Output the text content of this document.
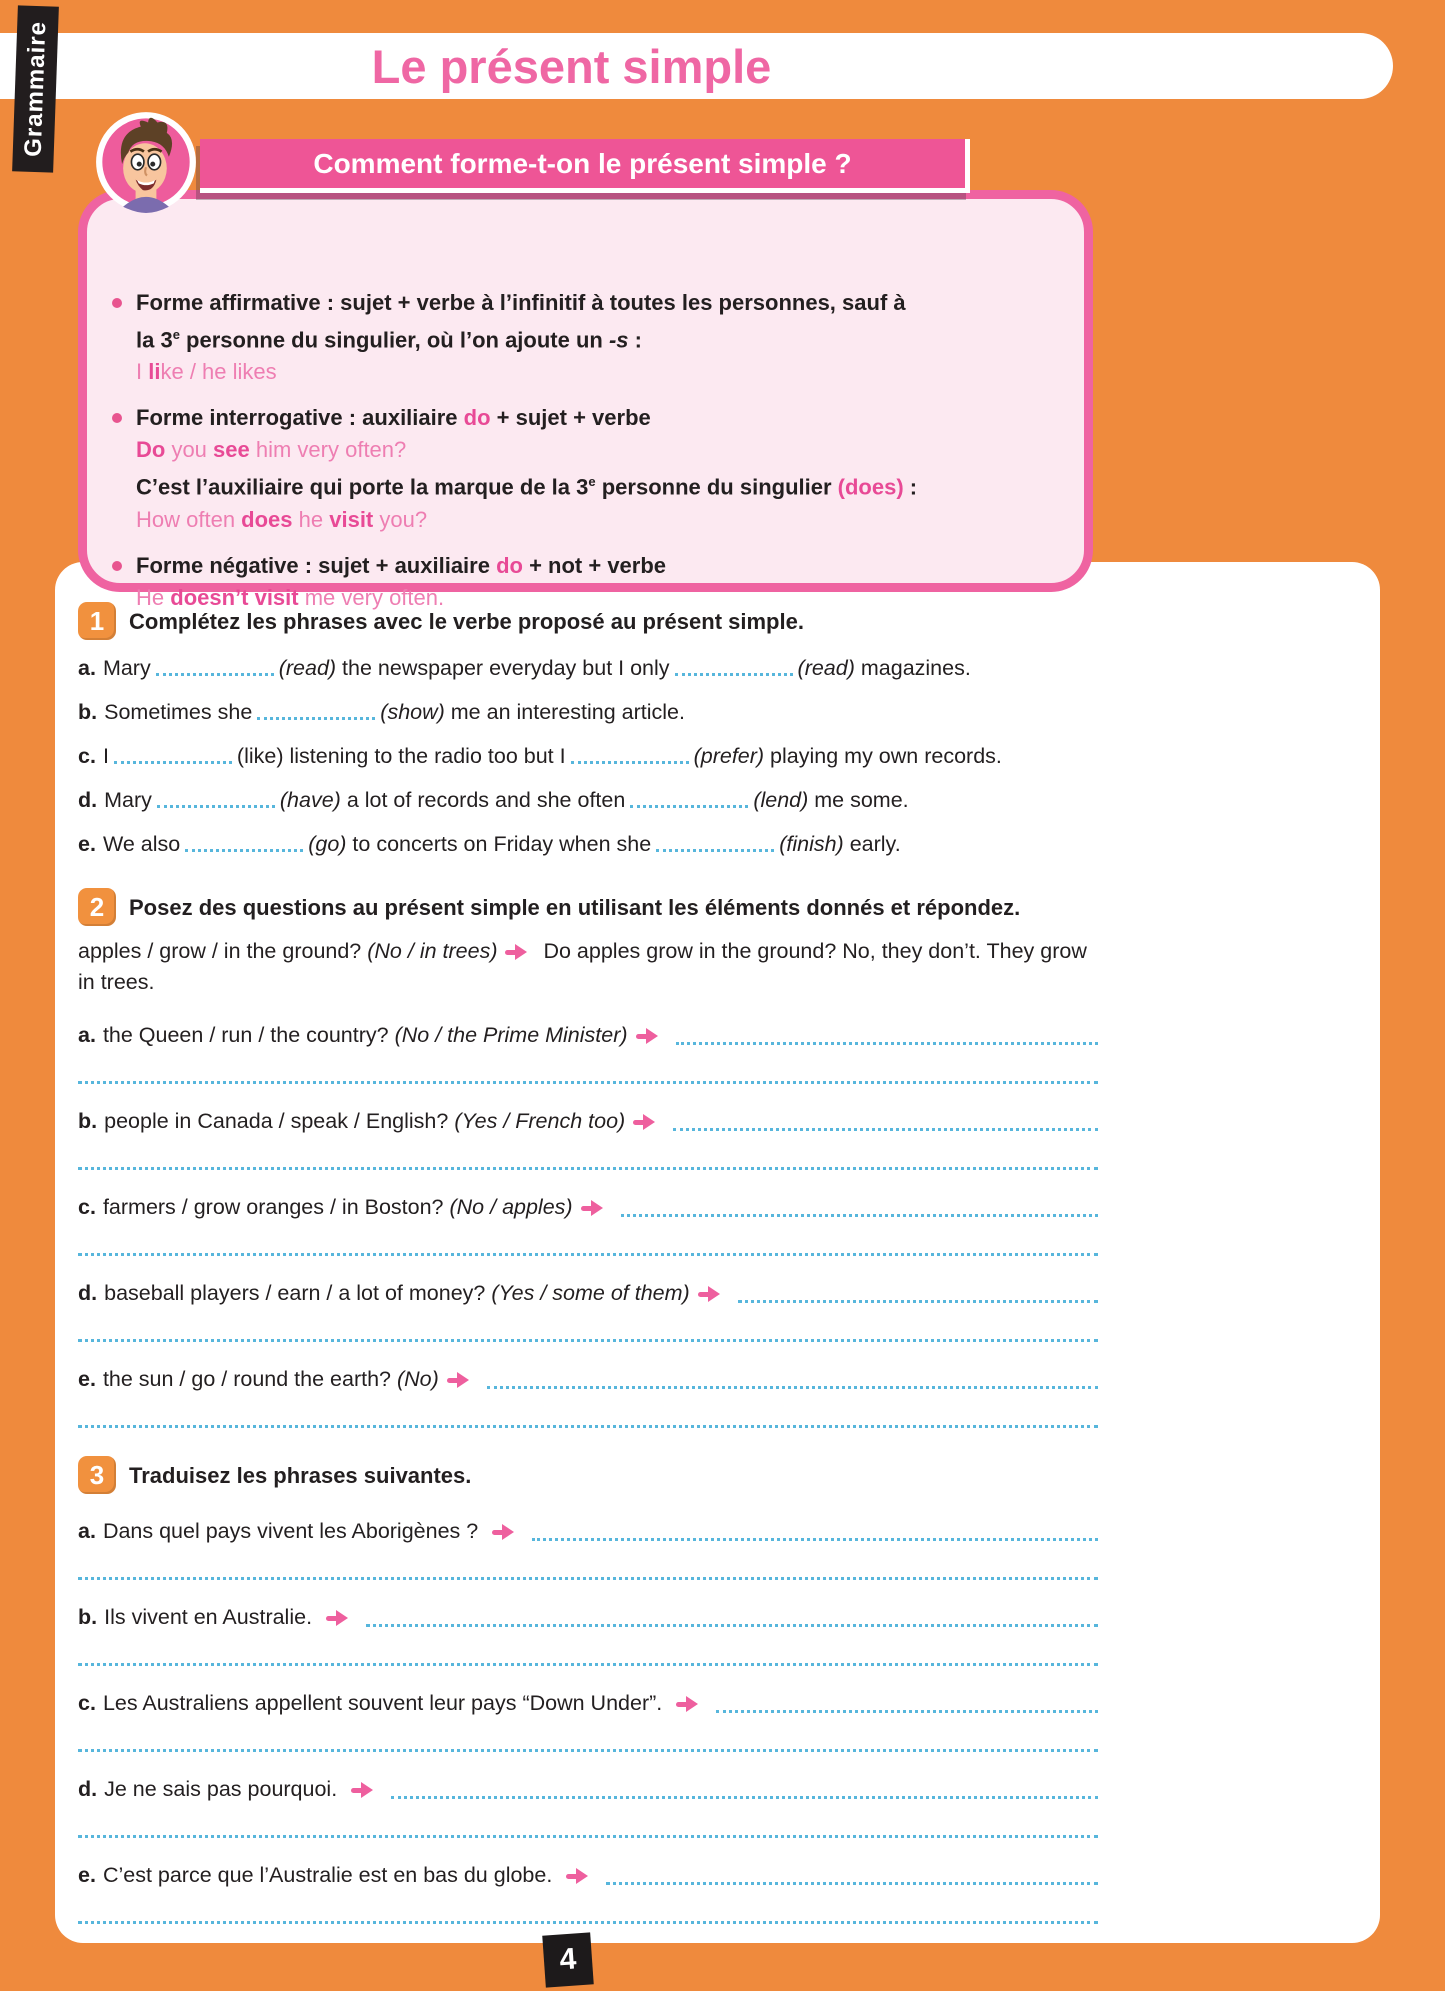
Le présent simple
Grammaire
Forme affirmative : sujet + verbe à l’infinitif à toutes les personnes, sauf à
la 3e personne du singulier, où l’on ajoute un -s :
I like / he likes
Forme interrogative : auxiliaire do + sujet + verbe
Do you see him very often?
C’est l’auxiliaire qui porte la marque de la 3e personne du singulier (does) :
How often does he visit you?
Forme négative : sujet + auxiliaire do + not + verbe
He doesn’t visit me very often.
Comment forme-t-on le présent simple ?
1	Complétez les phrases avec le verbe proposé au présent simple.

a. Mary	(read) the newspaper everyday but I only	(read) magazines.

b. Sometimes she	(show) me an interesting article.

c. I	(like) listening to the radio too but I	(prefer) playing my own records.

d. Mary	(have) a lot of records and she often	(lend) me some.

e. We also	(go) to concerts on Friday when she	(finish) early.

2	Posez des questions au présent simple en utilisant les éléments donnés et répondez.

apples / grow / in the ground? (No / in trees) Do apples grow in the ground? No, they don’t. They grow in trees.

a. the Queen / run / the country? (No / the Prime Minister)
b. people in Canada / speak / English? (Yes / French too)
c. farmers / grow oranges / in Boston? (No / apples)
d. baseball players / earn / a lot of money? (Yes / some of them)
e. the sun / go / round the earth? (No)
3	Traduisez les phrases suivantes.
a. Dans quel pays vivent les Aborigènes ?
b. Ils vivent en Australie.
c. Les Australiens appellent souvent leur pays “Down Under”.
d. Je ne sais pas pourquoi.
e. C’est parce que l’Australie est en bas du globe.
4
